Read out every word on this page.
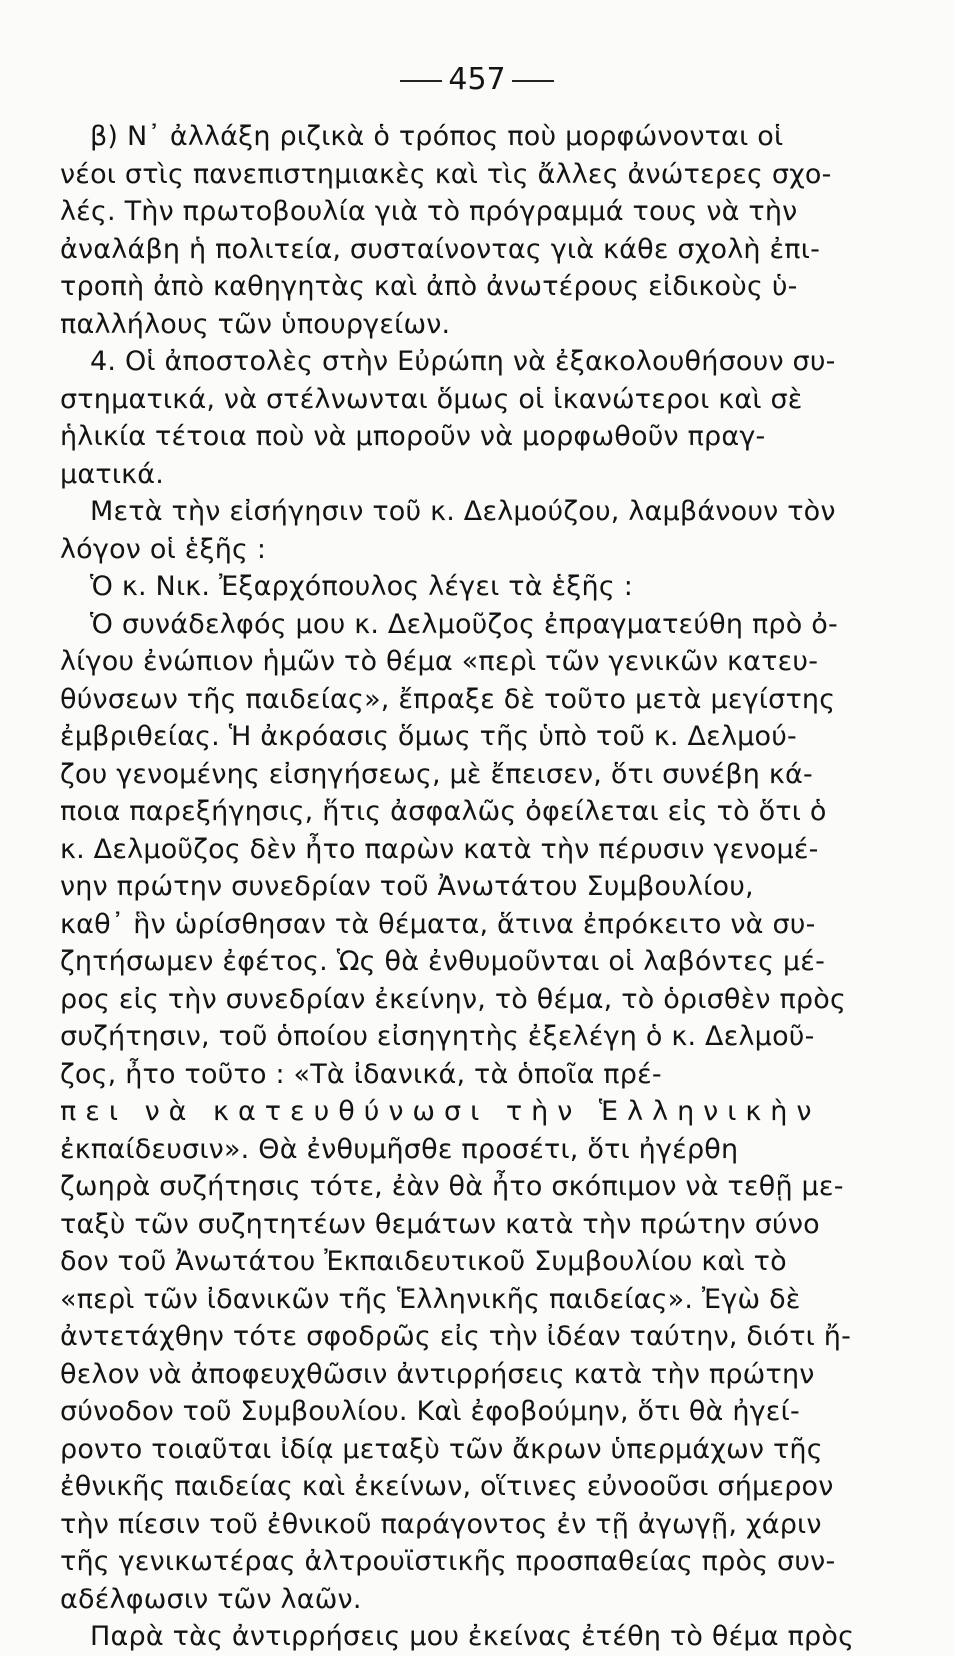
457
β) Ν᾽ ἀλλάξη ριζικὰ ὁ τρόπος ποὺ μορφώνονται οἱ
νέοι στὶς πανεπιστημιακὲς καὶ τὶς ἄλλες ἀνώτερες σχο-
λές. Τὴν πρωτοβουλία γιὰ τὸ πρόγραμμά τους νὰ τὴν
ἀναλάβη ἡ πολιτεία, συσταίνοντας γιὰ κάθε σχολὴ ἐπι-
τροπὴ ἀπὸ καθηγητὰς καὶ ἀπὸ ἀνωτέρους εἰδικοὺς ὑ-
παλλήλους τῶν ὑπουργείων.
4. Οἱ ἀποστολὲς στὴν Εὐρώπη νὰ ἐξακολουθήσουν συ-
στηματικά, νὰ στέλνωνται ὅμως οἱ ἱκανώτεροι καὶ σὲ
ἡλικία τέτοια ποὺ νὰ μποροῦν νὰ μορφωθοῦν πραγ-
ματικά.
Μετὰ τὴν εἰσήγησιν τοῦ κ. Δελμούζου, λαμβάνουν τὸν
λόγον οἱ ἑξῆς :
Ὁ κ. Νικ. Ἐξαρχόπουλος λέγει τὰ ἑξῆς :
Ὁ συνάδελφός μου κ. Δελμοῦζος ἐπραγματεύθη πρὸ ὀ-
λίγου ἐνώπιον ἡμῶν τὸ θέμα «περὶ τῶν γενικῶν κατευ-
θύνσεων τῆς παιδείας», ἔπραξε δὲ τοῦτο μετὰ μεγίστης
ἐμβριθείας. Ἡ ἀκρόασις ὅμως τῆς ὑπὸ τοῦ κ. Δελμού-
ζου γενομένης εἰσηγήσεως, μὲ ἔπεισεν, ὅτι συνέβη κά-
ποια παρεξήγησις, ἥτις ἀσφαλῶς ὀφείλεται εἰς τὸ ὅτι ὁ
κ. Δελμοῦζος δὲν ἦτο παρὼν κατὰ τὴν πέρυσιν γενομέ-
νην πρώτην συνεδρίαν τοῦ Ἀνωτάτου Συμβουλίου,
καθ᾽ ἣν ὡρίσθησαν τὰ θέματα, ἅτινα ἐπρόκειτο νὰ συ-
ζητήσωμεν ἐφέτος. Ὡς θὰ ἐνθυμοῦνται οἱ λαβόντες μέ-
ρος εἰς τὴν συνεδρίαν ἐκείνην, τὸ θέμα, τὸ ὁρισθὲν πρὸς
συζήτησιν, τοῦ ὁποίου εἰσηγητὴς ἐξελέγη ὁ κ. Δελμοῦ-
ζος, ἦτο τοῦτο : «Τὰ ἰδανικά, τὰ ὁποῖα πρέ-
πει νὰ κατευθύνωσι τὴν Ἑλληνικὴν
ἐκπαίδευσιν». Θὰ ἐνθυμῆσθε προσέτι, ὅτι ἠγέρθη
ζωηρὰ συζήτησις τότε, ἐὰν θὰ ἦτο σκόπιμον νὰ τεθῇ με-
ταξὺ τῶν συζητητέων θεμάτων κατὰ τὴν πρώτην σύνο
δον τοῦ Ἀνωτάτου Ἐκπαιδευτικοῦ Συμβουλίου καὶ τὸ
«περὶ τῶν ἰδανικῶν τῆς Ἑλληνικῆς παιδείας». Ἐγὼ δὲ
ἀντετάχθην τότε σφοδρῶς εἰς τὴν ἰδέαν ταύτην, διότι ἤ-
θελον νὰ ἀποφευχθῶσιν ἀντιρρήσεις κατὰ τὴν πρώτην
σύνοδον τοῦ Συμβουλίου. Καὶ ἐφοβούμην, ὅτι θὰ ἠγεί-
ροντο τοιαῦται ἰδίᾳ μεταξὺ τῶν ἄκρων ὑπερμάχων τῆς
ἐθνικῆς παιδείας καὶ ἐκείνων, οἵτινες εὐνοοῦσι σήμερον
τὴν πίεσιν τοῦ ἐθνικοῦ παράγοντος ἐν τῇ ἀγωγῇ, χάριν
τῆς γενικωτέρας ἀλτρουϊστικῆς προσπαθείας πρὸς συν-
αδέλφωσιν τῶν λαῶν.
Παρὰ τὰς ἀντιρρήσεις μου ἐκείνας ἐτέθη τὸ θέμα πρὸς
